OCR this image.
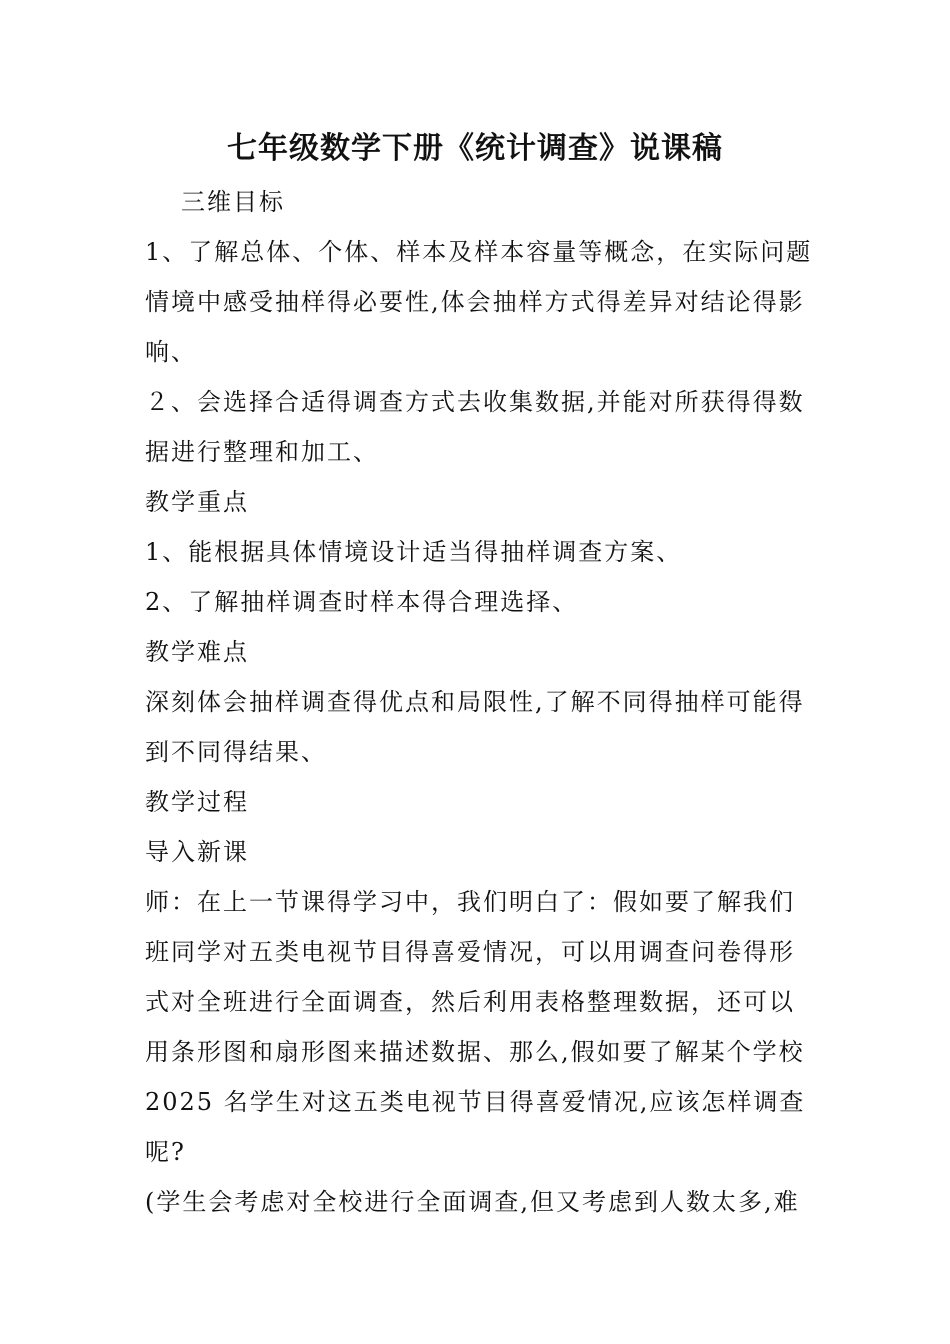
七年级数学下册《统计调查》说课稿
三维目标
1、了解总体、个体、样本及样本容量等概念，在实际问题
情境中感受抽样得必要性,体会抽样方式得差异对结论得影
响、
２、会选择合适得调查方式去收集数据,并能对所获得得数
据进行整理和加工、
教学重点
1、能根据具体情境设计适当得抽样调查方案、
2、了解抽样调查时样本得合理选择、
教学难点
深刻体会抽样调查得优点和局限性,了解不同得抽样可能得
到不同得结果、
教学过程
导入新课
师：在上一节课得学习中，我们明白了：假如要了解我们
班同学对五类电视节目得喜爱情况，可以用调查问卷得形
式对全班进行全面调查，然后利用表格整理数据，还可以
用条形图和扇形图来描述数据、那么,假如要了解某个学校
2025 名学生对这五类电视节目得喜爱情况,应该怎样调查
呢?
(学生会考虑对全校进行全面调查,但又考虑到人数太多,难
